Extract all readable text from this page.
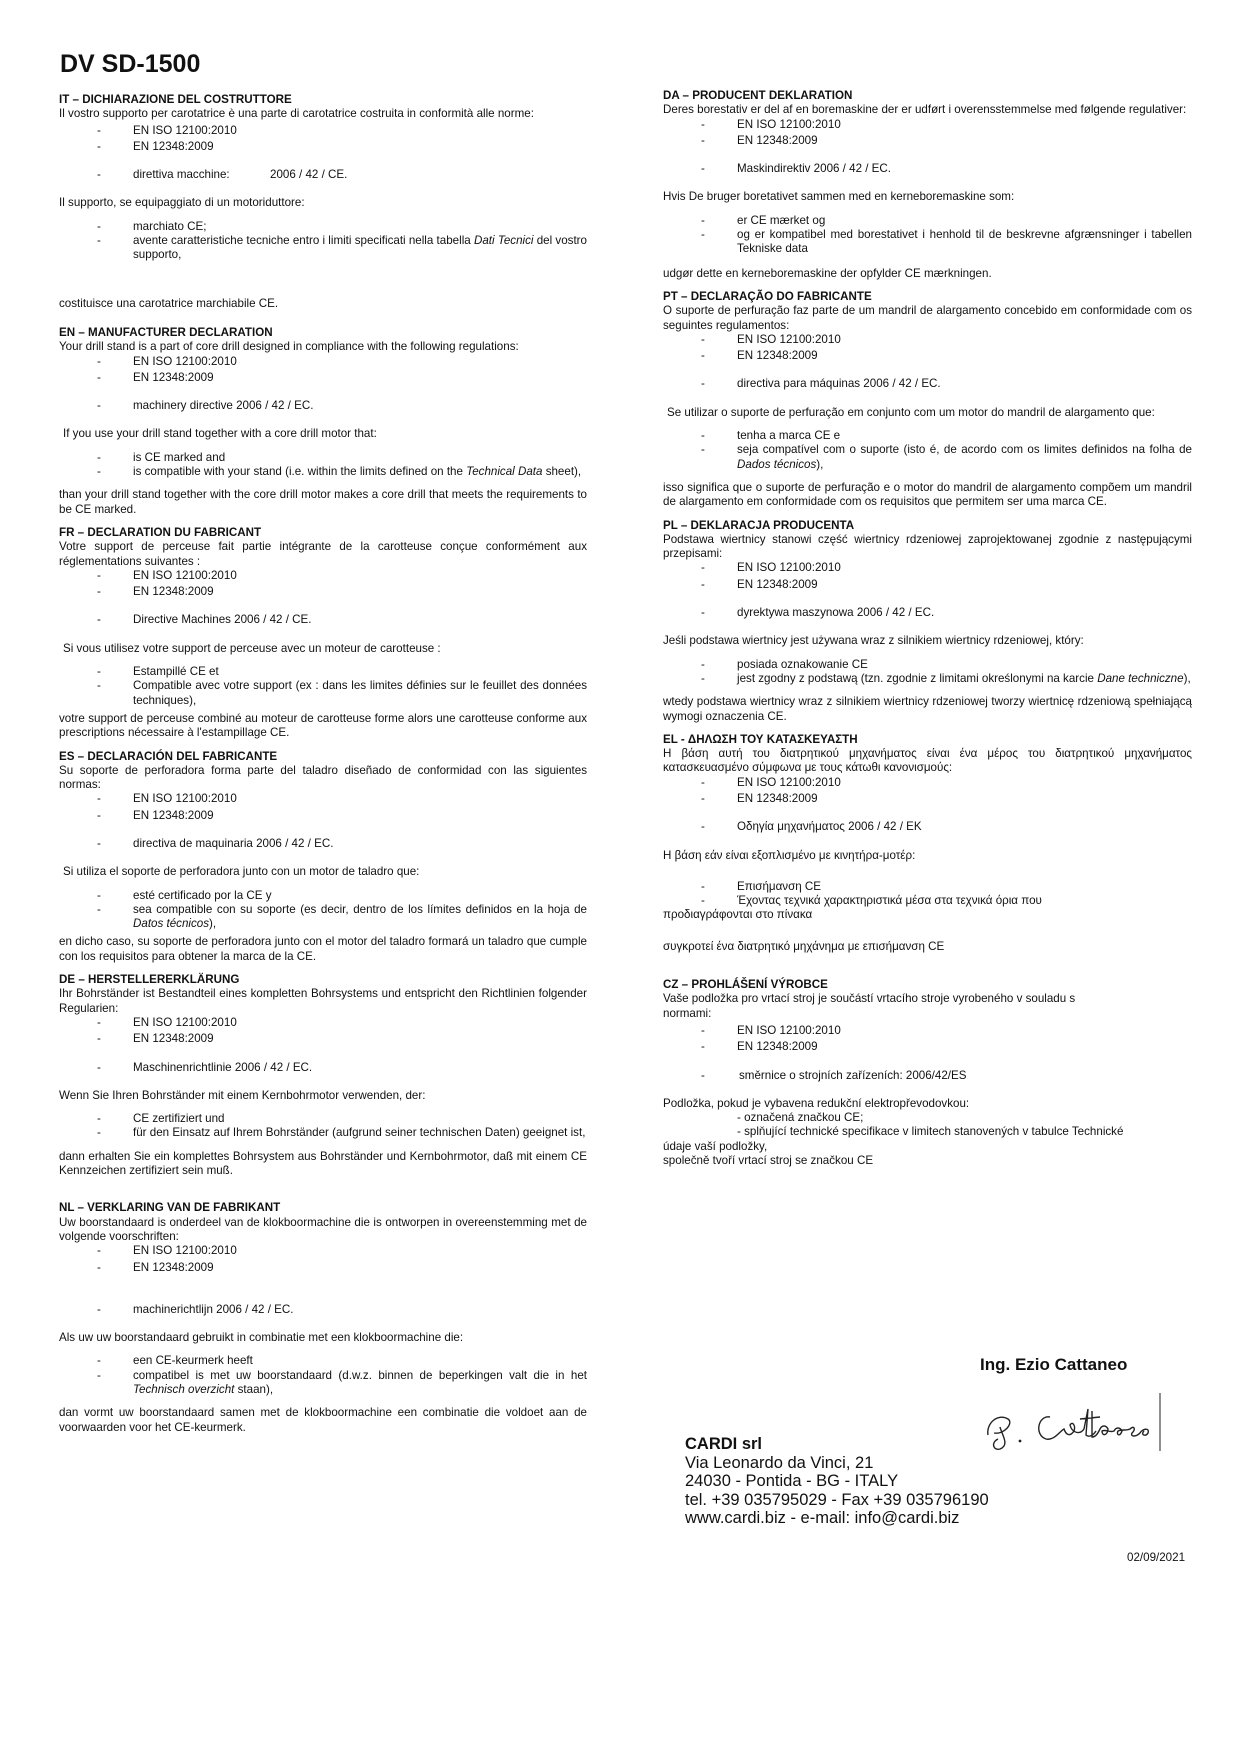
DV SD-1500
IT – DICHIARAZIONE DEL COSTRUTTORE
Il vostro supporto per carotatrice è una parte di carotatrice costruita in conformità alle norme:
- EN ISO 12100:2010
- EN 12348:2009
- direttiva macchine:	2006 / 42 / CE.
Il supporto, se equipaggiato di un motoriduttore:
- marchiato CE;
- avente caratteristiche tecniche entro i limiti specificati nella tabella Dati Tecnici del vostro supporto,
costituisce una carotatrice marchiabile CE.
EN – MANUFACTURER DECLARATION
Your drill stand is a part of core drill designed in compliance with the following regulations:
- EN ISO 12100:2010
- EN 12348:2009
- machinery directive 2006 / 42 / EC.
If you use your drill stand together with a core drill motor that:
- is CE marked and
- is compatible with your stand (i.e. within the limits defined on the Technical Data sheet),
than your drill stand together with the core drill motor makes a core drill that meets the requirements to be CE marked.
FR – DECLARATION DU FABRICANT
Votre support de perceuse fait partie intégrante de la carotteuse conçue conformément aux réglementations suivantes :
- EN ISO 12100:2010
- EN 12348:2009
- Directive Machines 2006 / 42 / CE.
Si vous utilisez votre support de perceuse avec un moteur de carotteuse :
- Estampillé CE et
- Compatible avec votre support (ex : dans les limites définies sur le feuillet des données techniques),
votre support de perceuse combiné au moteur de carotteuse forme alors une carotteuse conforme aux prescriptions nécessaire à l'estampillage CE.
ES – DECLARACIÓN DEL FABRICANTE
Su soporte de perforadora forma parte del taladro diseñado de conformidad con las siguientes normas:
- EN ISO 12100:2010
- EN 12348:2009
- directiva de maquinaria 2006 / 42 / EC.
Si utiliza el soporte de perforadora junto con un motor de taladro que:
- esté certificado por la CE y
- sea compatible con su soporte (es decir, dentro de los límites definidos en la hoja de Datos técnicos),
en dicho caso, su soporte de perforadora junto con el motor del taladro formará un taladro que cumple con los requisitos para obtener la marca de la CE.
DE – HERSTELLERERKLÄRUNG
Ihr Bohrständer ist Bestandteil eines kompletten Bohrsystems und entspricht den Richtlinien folgender Regularien:
- EN ISO 12100:2010
- EN 12348:2009
- Maschinenrichtlinie 2006 / 42 / EC.
Wenn Sie Ihren Bohrständer mit einem Kernbohrmotor verwenden, der:
- CE zertifiziert und
- für den Einsatz auf Ihrem Bohrständer (aufgrund seiner technischen Daten) geeignet ist,
dann erhalten Sie ein komplettes Bohrsystem aus Bohrständer und Kernbohrmotor, daß mit einem CE Kennzeichen zertifiziert sein muß.
NL – VERKLARING VAN DE FABRIKANT
Uw boorstandaard is onderdeel van de klokboormachine die is ontworpen in overeenstemming met de volgende voorschriften:
- EN ISO 12100:2010
- EN 12348:2009
- machinerichtlijn 2006 / 42 / EC.
Als uw uw boorstandaard gebruikt in combinatie met een klokboormachine die:
- een CE-keurmerk heeft
- compatibel is met uw boorstandaard (d.w.z. binnen de beperkingen valt die in het Technisch overzicht staan),
dan vormt uw boorstandaard samen met de klokboormachine een combinatie die voldoet aan de voorwaarden voor het CE-keurmerk.
DA – PRODUCENT DEKLARATION
Deres borestativ er del af en boremaskine der er udført i overensstemmelse med følgende regulativer:
- EN ISO 12100:2010
- EN 12348:2009
- Maskindirektiv 2006 / 42 / EC.
Hvis De bruger boretativet sammen med en kerneboremaskine som:
- er CE mærket og
- og er kompatibel med borestativet i henhold til de beskrevne afgrænsninger i tabellen Tekniske data
udgør dette en kerneboremaskine der opfylder CE mærkningen.
PT – DECLARAÇÃO DO FABRICANTE
O suporte de perfuração faz parte de um mandril de alargamento concebido em conformidade com os seguintes regulamentos:
- EN ISO 12100:2010
- EN 12348:2009
- directiva para máquinas 2006 / 42 / EC.
Se utilizar o suporte de perfuração em conjunto com um motor do mandril de alargamento que:
- tenha a marca CE e
- seja compatível com o suporte (isto é, de acordo com os limites definidos na folha de Dados técnicos),
isso significa que o suporte de perfuração e o motor do mandril de alargamento compõem um mandril de alargamento em conformidade com os requisitos que permitem ser uma marca CE.
PL – DEKLARACJA PRODUCENTA
Podstawa wiertnicy stanowi część wiertnicy rdzeniowej zaprojektowanej zgodnie z następującymi przepisami:
- EN ISO 12100:2010
- EN 12348:2009
- dyrektywa maszynowa 2006 / 42 / EC.
Jeśli podstawa wiertnicy jest używana wraz z silnikiem wiertnicy rdzeniowej, który:
- posiada oznakowanie CE
- jest zgodny z podstawą (tzn. zgodnie z limitami określonymi na karcie Dane techniczne),
wtedy podstawa wiertnicy wraz z silnikiem wiertnicy rdzeniowej tworzy wiertnicę rdzeniową spełniającą wymogi oznaczenia CE.
EL - ΔΗΛΩΣΗ ΤΟΥ ΚΑΤΑΣΚΕΥΑΣΤΗ
Η βάση αυτή του διατρητικού μηχανήματος είναι ένα μέρος του διατρητικού μηχανήματος κατασκευασμένο σύμφωνα με τους κάτωθι κανονισμούς:
- EN ISO 12100:2010
- EN 12348:2009
- Οδηγία μηχανήματος 2006 / 42 / ΕΚ
Η βάση εάν είναι εξοπλισμένο με κινητήρα-μοτέρ:
- Επισήμανση CE
- Έχοντας τεχνικά χαρακτηριστικά μέσα στα τεχνικά όρια που
προδιαγράφονται στο πίνακα
συγκροτεί ένα διατρητικό μηχάνημα με επισήμανση CE
CZ – PROHLÁŠENÍ VÝROBCE
Vaše podložka pro vrtací stroj je součástí vrtacího stroje vyrobeného v souladu s normami:
- EN ISO 12100:2010
- EN 12348:2009
- směrnice o strojních zařízeních: 2006/42/ES
Podložka, pokud je vybavena redukční elektropřevodovkou:
- označená značkou CE;
- splňující technické specifikace v limitech stanovených v tabulce Technické
údaje vaší podložky,
společně tvoří vrtací stroj se značkou CE
Ing. Ezio Cattaneo
CARDI srl
Via Leonardo da Vinci, 21
24030 - Pontida - BG - ITALY
tel. +39 035795029 - Fax +39 035796190
www.cardi.biz - e-mail: info@cardi.biz
02/09/2021
